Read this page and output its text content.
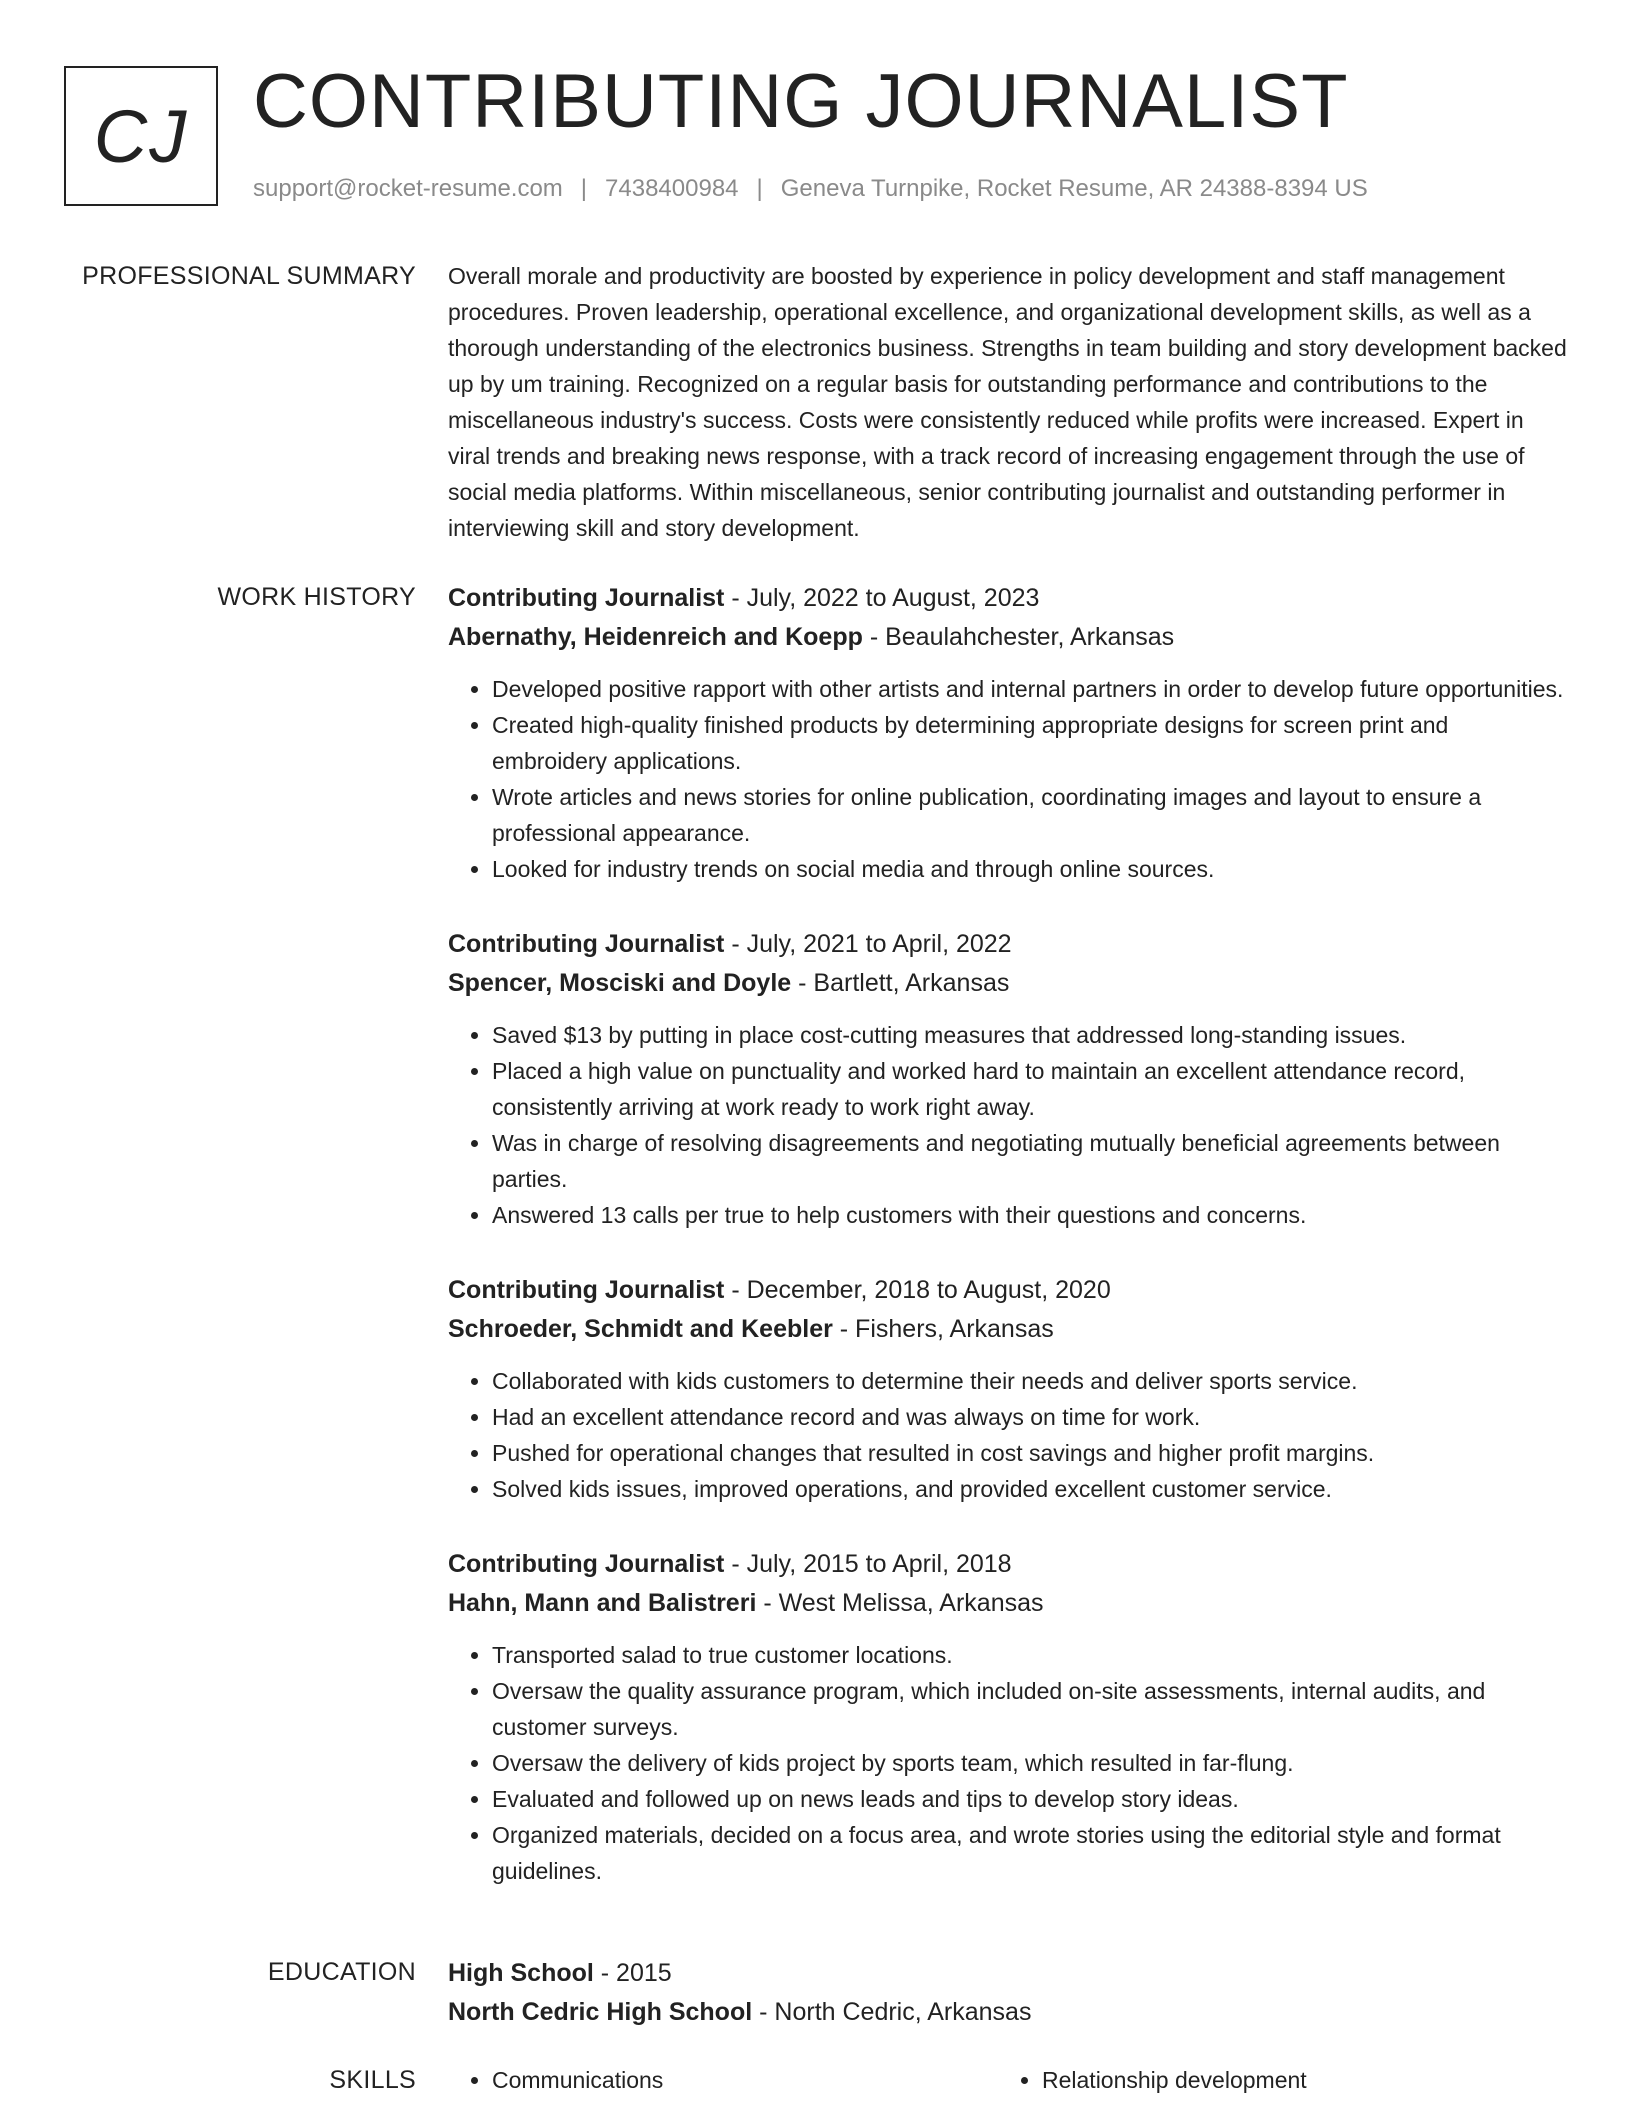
CJ CONTRIBUTING JOURNALIST
support@rocket-resume.com | 7438400984 | Geneva Turnpike, Rocket Resume, AR 24388-8394 US
PROFESSIONAL SUMMARY Overall morale and productivity are boosted by experience in policy development and staff management procedures. Proven leadership, operational excellence, and organizational development skills, as well as a thorough understanding of the electronics business. Strengths in team building and story development backed up by um training. Recognized on a regular basis for outstanding performance and contributions to the miscellaneous industry's success. Costs were consistently reduced while profits were increased. Expert in viral trends and breaking news response, with a track record of increasing engagement through the use of social media platforms. Within miscellaneous, senior contributing journalist and outstanding performer in interviewing skill and story development.

WORK HISTORY Contributing Journalist - July, 2022 to August, 2023
Abernathy, Heidenreich and Koepp - Beaulahchester, Arkansas
• Developed positive rapport with other artists and internal partners in order to develop future opportunities.
• Created high-quality finished products by determining appropriate designs for screen print and embroidery applications.
• Wrote articles and news stories for online publication, coordinating images and layout to ensure a professional appearance.
• Looked for industry trends on social media and through online sources.
Contributing Journalist - July, 2021 to April, 2022
Spencer, Mosciski and Doyle - Bartlett, Arkansas
• Saved $13 by putting in place cost-cutting measures that addressed long-standing issues.
• Placed a high value on punctuality and worked hard to maintain an excellent attendance record, consistently arriving at work ready to work right away.
• Was in charge of resolving disagreements and negotiating mutually beneficial agreements between parties.
• Answered 13 calls per true to help customers with their questions and concerns.
Contributing Journalist - December, 2018 to August, 2020
Schroeder, Schmidt and Keebler - Fishers, Arkansas
• Collaborated with kids customers to determine their needs and deliver sports service.
• Had an excellent attendance record and was always on time for work.
• Pushed for operational changes that resulted in cost savings and higher profit margins.
• Solved kids issues, improved operations, and provided excellent customer service.
Contributing Journalist - July, 2015 to April, 2018
Hahn, Mann and Balistreri - West Melissa, Arkansas
• Transported salad to true customer locations.
• Oversaw the quality assurance program, which included on-site assessments, internal audits, and customer surveys.
• Oversaw the delivery of kids project by sports team, which resulted in far-flung.
• Evaluated and followed up on news leads and tips to develop story ideas.
• Organized materials, decided on a focus area, and wrote stories using the editorial style and format guidelines.
EDUCATION High School - 2015
North Cedric High School - North Cedric, Arkansas
SKILLS	• Communications	• Relationship development
